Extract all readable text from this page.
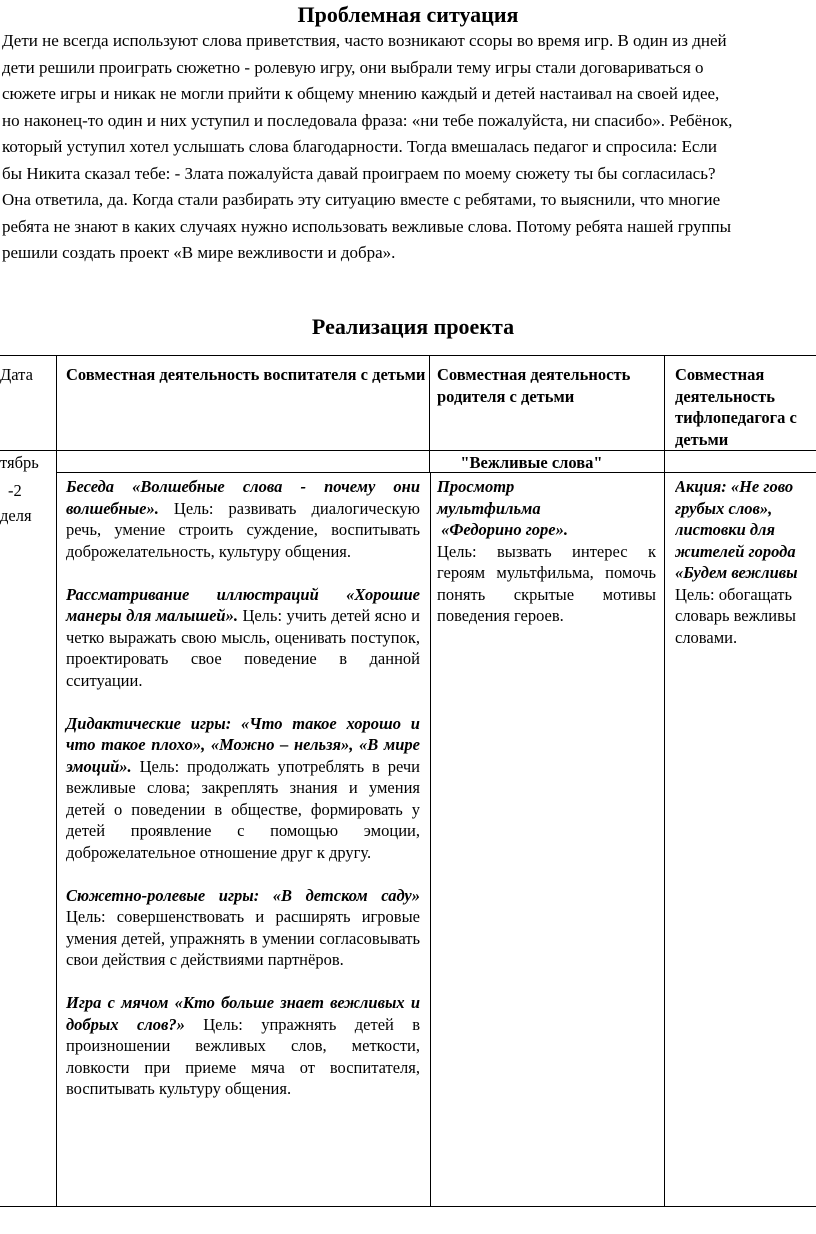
Проблемная ситуация
Дети не всегда используют слова приветствия, часто возникают ссоры во время игр. В один из дней
дети решили проиграть сюжетно - ролевую игру, они выбрали тему игры стали договариваться о
сюжете игры и никак не могли прийти к общему мнению каждый и детей настаивал на своей идее,
но наконец-то один и них уступил и последовала фраза: «ни тебе пожалуйста, ни спасибо». Ребёнок,
который уступил хотел услышать слова благодарности. Тогда вмешалась педагог и спросила: Если
бы Никита сказал тебе: - Злата пожалуйста давай проиграем по моему сюжету ты бы согласилась?
Она ответила, да. Когда стали разбирать эту ситуацию вместе с ребятами, то выяснили, что многие
ребята не знают в каких случаях нужно использовать вежливые слова. Потому ребята нашей группы
решили создать проект «В мире вежливости и добра».
Реализация проекта
Дата	Совместная деятельность воспитателя с детьми Совместная деятельность родителя с детьми
Совместная
деятельность
тифлопедагога с
детьми
тябрь
-2
деля
"Вежливые слова"

Беседа «Волшебные слова - почему они волшебные». Цель: развивать диалогическую речь, умение строить суждение, воспитывать доброжелательность, культуру общения.

Рассматривание иллюстраций «Хорошие манеры для малышей». Цель: учить детей ясно и четко выражать свою мысль, оценивать поступок, проектировать свое поведение в данной сситуации.

Дидактические игры: «Что такое хорошо и что такое плохо», «Можно – нельзя», «В мире эмоций». Цель: продолжать употреблять в речи вежливые слова; закреплять знания и умения детей о поведении в обществе, формировать у детей проявление с помощью эмоции, доброжелательное отношение друг к другу.

Сюжетно-ролевые игры: «В детском саду» Цель: совершенствовать и расширять игровые умения детей, упражнять в умении согласовывать свои действия с действиями партнёров.

Игра с мячом «Кто больше знает вежливых и добрых слов?» Цель: упражнять детей в произношении вежливых слов, меткости, ловкости при приеме мяча от воспитателя, воспитывать культуру общения.

Просмотр
мультфильма
«Федорино горе».
Цель: вызвать интерес к героям мультфильма, помочь понять скрытые мотивы поведения героев.
Акция: «Не гово
грубых слов»,
листовки для
жителей города
«Будем вежливы
Цель: обогащать
словарь вежливы
словами.
